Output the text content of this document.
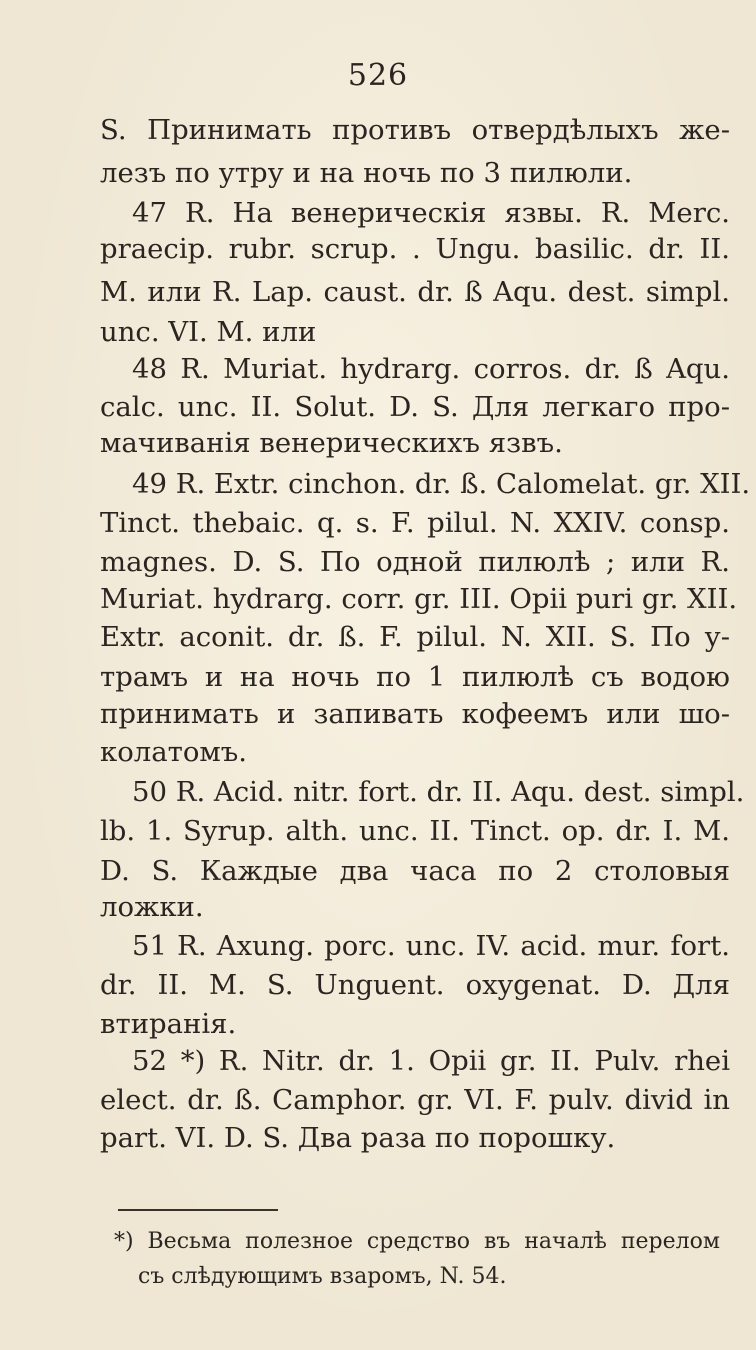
526
S. Принимать противъ отвердѣлыхъ же-
лезъ по утру и на ночь по 3 пилюли.
47 R. На венерическія язвы. R. Merc.
praecip. rubr. scrup. . Ungu. basilic. dr. II.
M. или R. Lap. caust. dr. ß Aqu. dest. simpl.
unc. VI. M. или
48 R. Muriat. hydrarg. corros. dr. ß Aqu.
calc. unc. II. Solut. D. S. Для легкаго про-
мачиванія венерическихъ язвъ.
49 R. Extr. cinchon. dr. ß. Calomelat. gr. XII.
Tinct. thebaic. q. s. F. pilul. N. XXIV. consp.
magnes. D. S. По одной пилюлѣ ; или R.
Muriat. hydrarg. corr. gr. III. Opii puri gr. XII.
Extr. aconit. dr. ß. F. pilul. N. XII. S. По у-
трамъ и на ночь по 1 пилюлѣ съ водою
принимать и запивать кофеемъ или шо-
колатомъ.
50 R. Acid. nitr. fort. dr. II. Aqu. dest. simpl.
lb. 1. Syrup. alth. unc. II. Tinct. op. dr. I. M.
D. S. Каждые два часа по 2 столовыя
ложки.
51 R. Axung. porc. unc. IV. acid. mur. fort.
dr. II. M. S. Unguent. oxygenat. D. Для
втиранія.
52 *) R. Nitr. dr. 1. Opii gr. II. Pulv. rhei
elect. dr. ß. Camphor. gr. VI. F. pulv. divid in
part. VI. D. S. Два раза по порошку.
*) Весьма полезное средство въ началѣ перелом
съ слѣдующимъ взаромъ, N. 54.
